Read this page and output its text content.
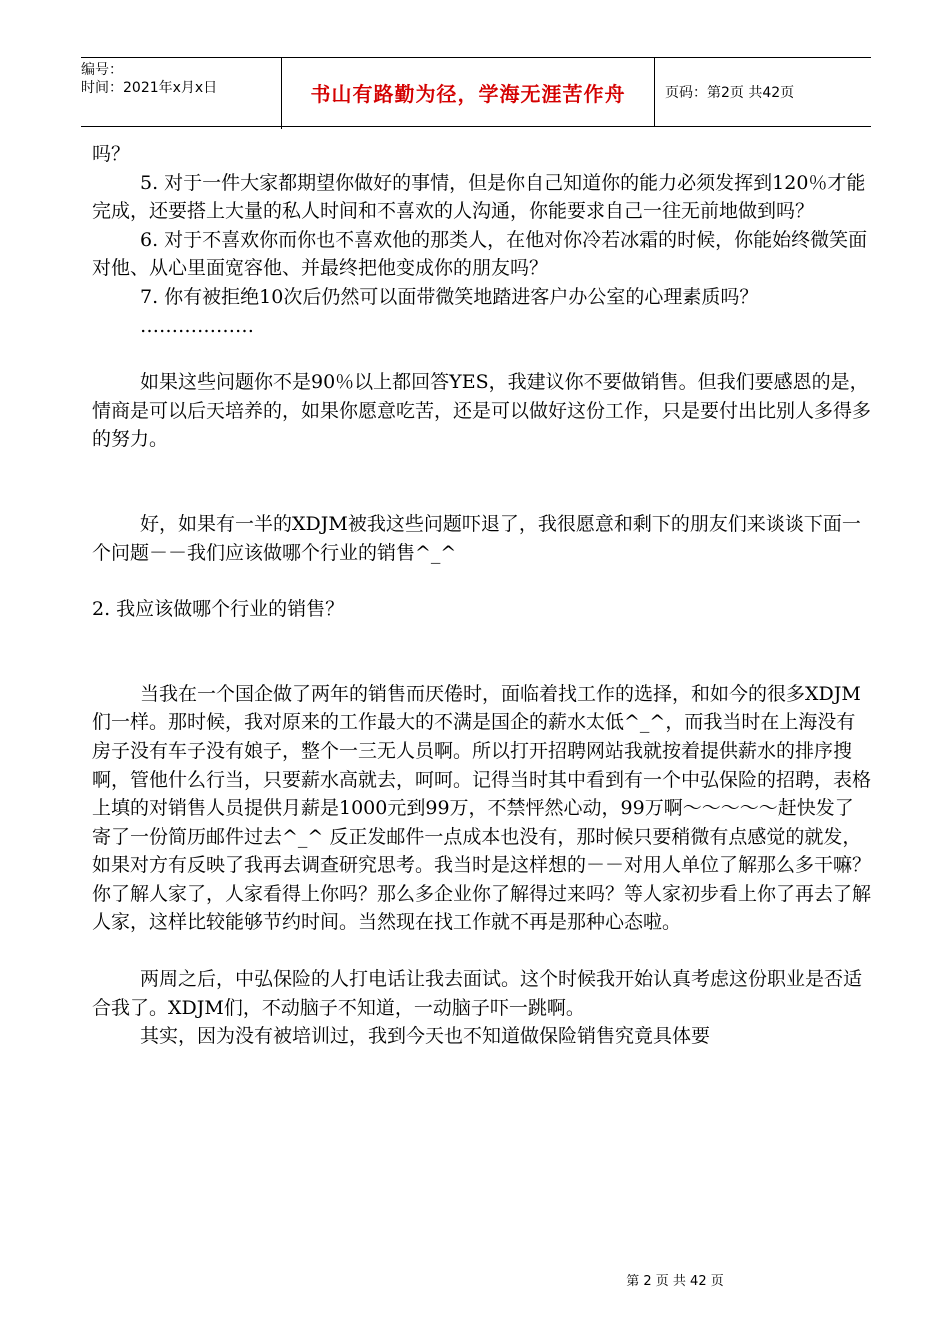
编号：
时间：2021年x月x日	书山有路勤为径，学海无涯苦作舟	页码：第2页 共42页

吗？

5. 对于一件大家都期望你做好的事情，但是你自己知道你的能力必须发挥到120％才能完成，还要搭上大量的私人时间和不喜欢的人沟通，你能要求自己一往无前地做到吗？

6. 对于不喜欢你而你也不喜欢他的那类人，在他对你冷若冰霜的时候，你能始终微笑面对他、从心里面宽容他、并最终把他变成你的朋友吗？

7. 你有被拒绝10次后仍然可以面带微笑地踏进客户办公室的心理素质吗？

………………

如果这些问题你不是90％以上都回答YES，我建议你不要做销售。但我们要感恩的是，情商是可以后天培养的，如果你愿意吃苦，还是可以做好这份工作，只是要付出比别人多得多的努力。

好，如果有一半的XDJM被我这些问题吓退了，我很愿意和剩下的朋友们来谈谈下面一个问题－－我们应该做哪个行业的销售^_^

2. 我应该做哪个行业的销售？

当我在一个国企做了两年的销售而厌倦时，面临着找工作的选择，和如今的很多XDJM们一样。那时候，我对原来的工作最大的不满是国企的薪水太低^_^，而我当时在上海没有房子没有车子没有娘子，整个一三无人员啊。所以打开招聘网站我就按着提供薪水的排序搜啊，管他什么行当，只要薪水高就去，呵呵。记得当时其中看到有一个中弘保险的招聘，表格上填的对销售人员提供月薪是1000元到99万，不禁怦然心动，99万啊～～～～～赶快发了寄了一份简历邮件过去^_^ 反正发邮件一点成本也没有，那时候只要稍微有点感觉的就发，如果对方有反映了我再去调查研究思考。我当时是这样想的－－对用人单位了解那么多干嘛？你了解人家了，人家看得上你吗？那么多企业你了解得过来吗？等人家初步看上你了再去了解人家，这样比较能够节约时间。当然现在找工作就不再是那种心态啦。

两周之后，中弘保险的人打电话让我去面试。这个时候我开始认真考虑这份职业是否适合我了。XDJM们，不动脑子不知道，一动脑子吓一跳啊。

其实，因为没有被培训过，我到今天也不知道做保险销售究竟具体要

第 2 页 共 42 页
